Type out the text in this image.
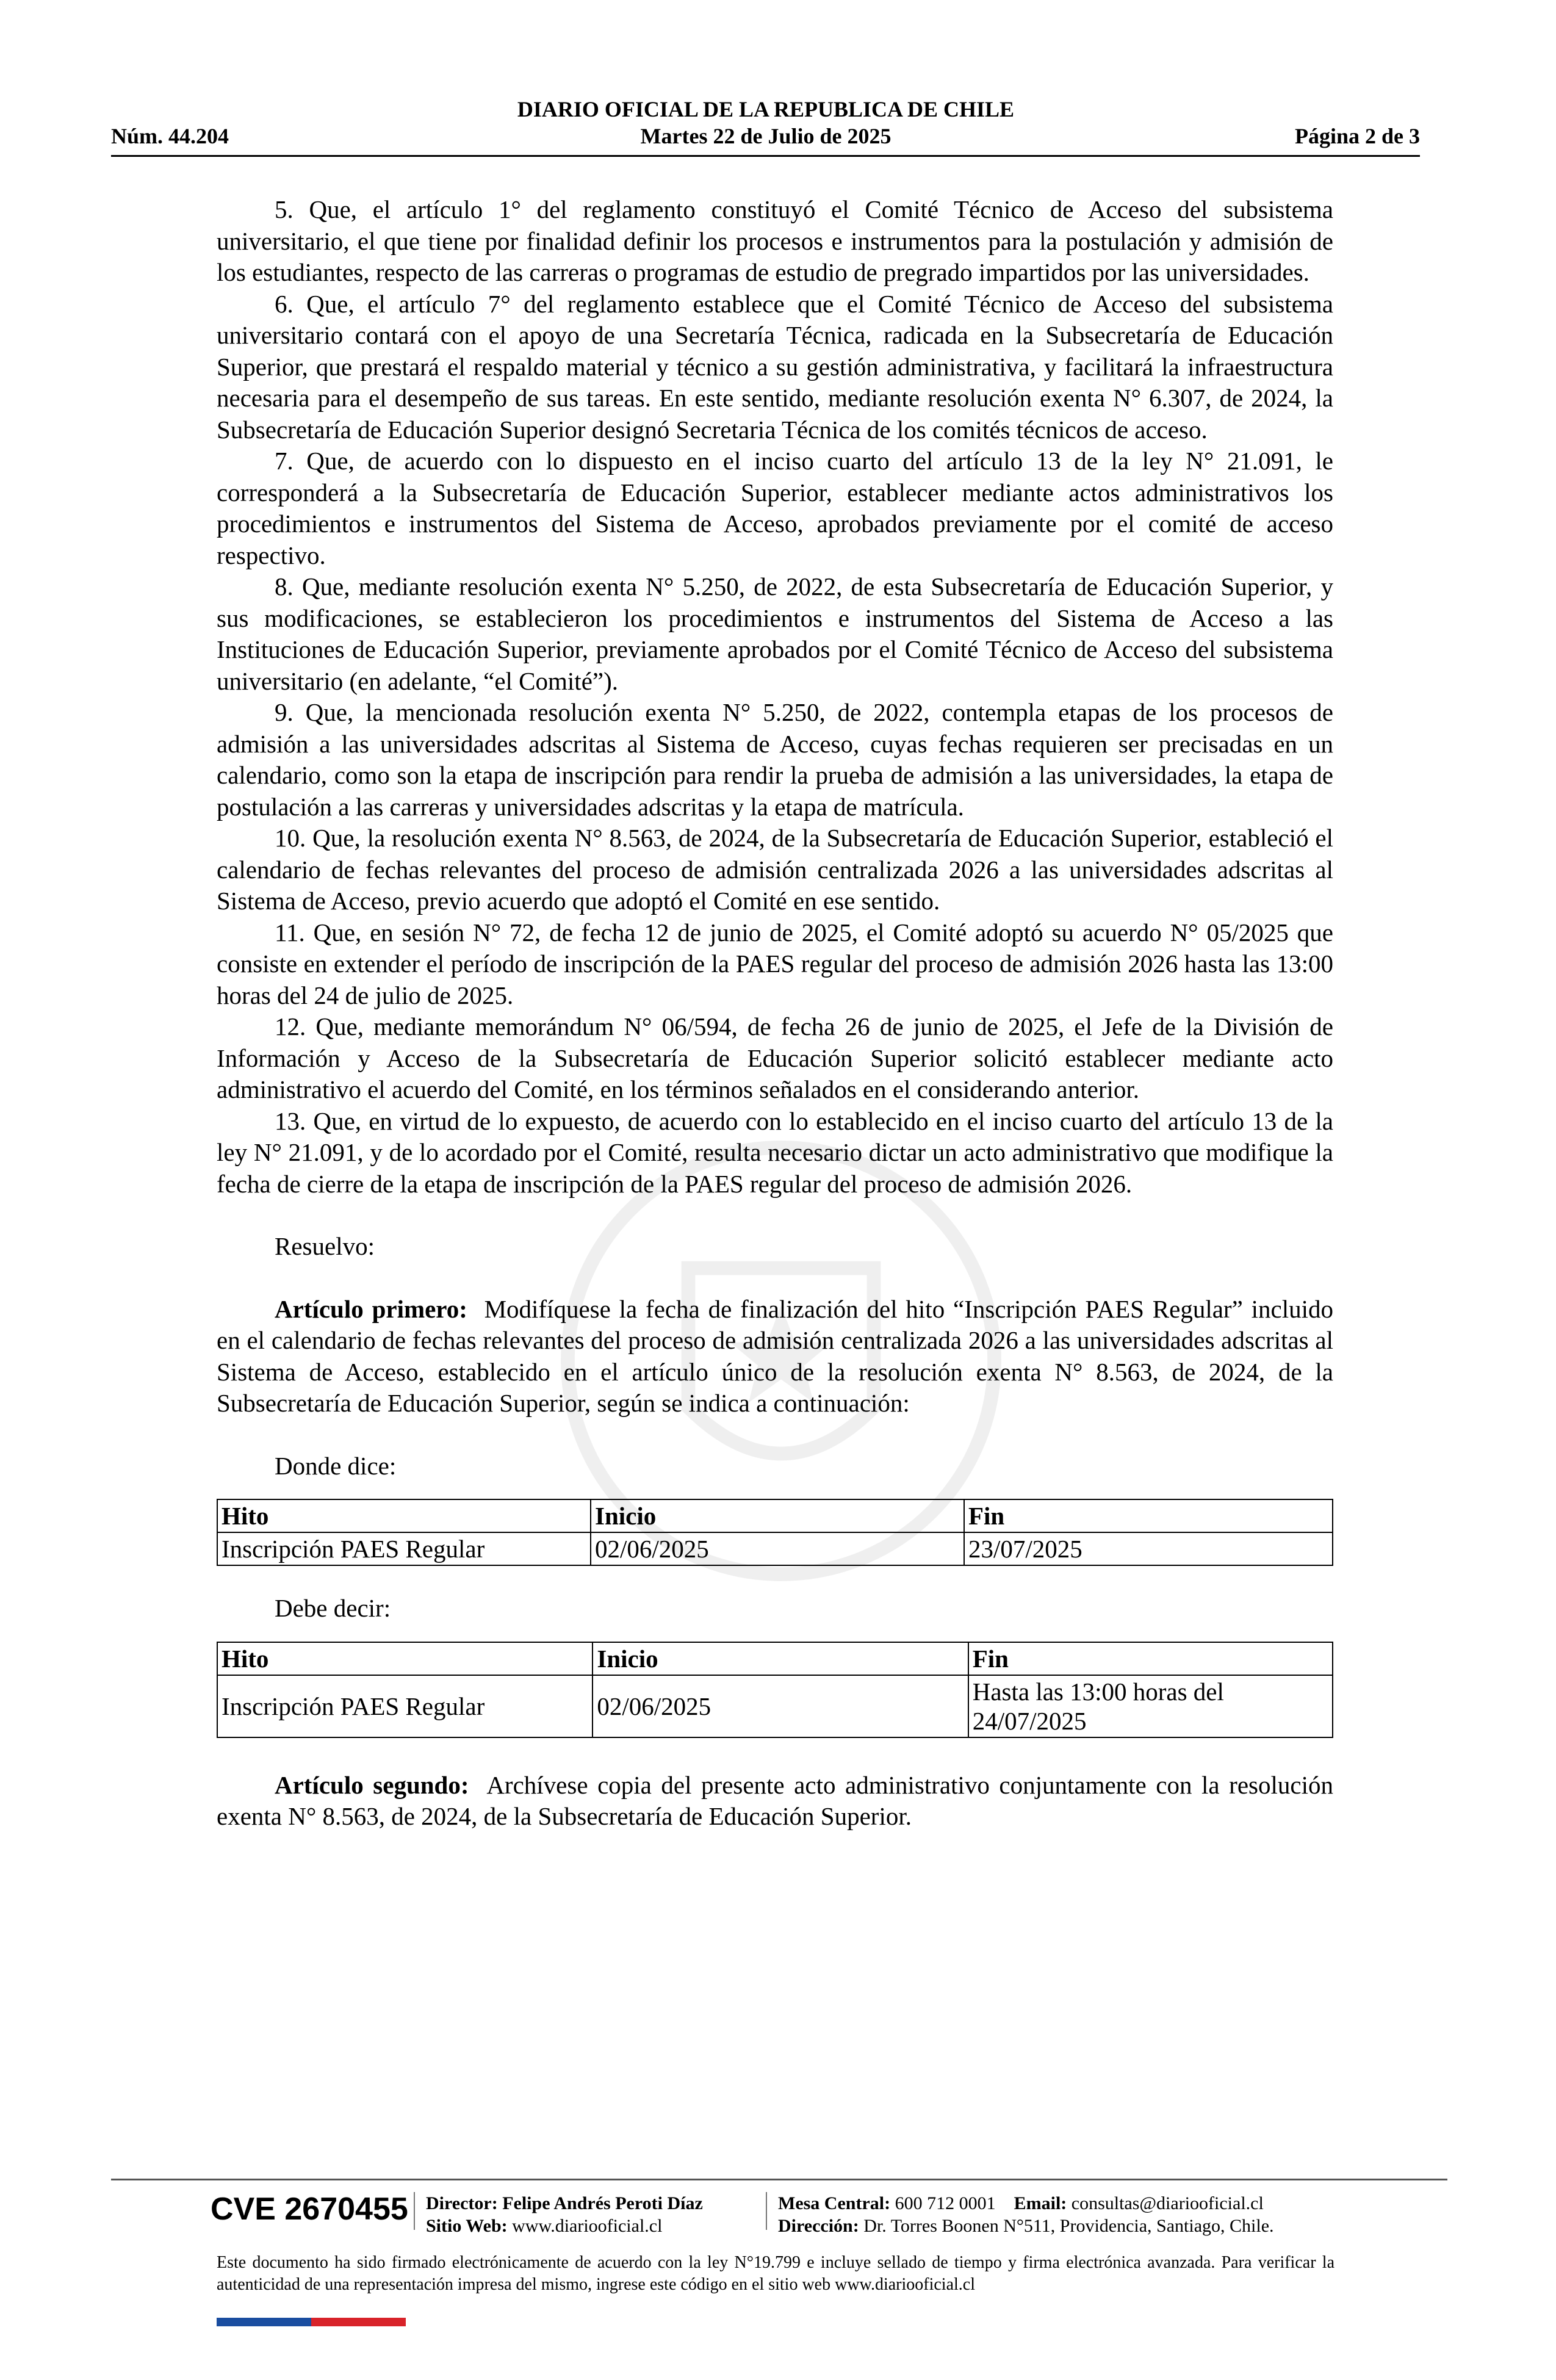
DIARIO OFICIAL DE LA REPUBLICA DE CHILE
Núm. 44.204	Martes 22 de Julio de 2025	Página 2 de 3

5. Que, el artículo 1° del reglamento constituyó el Comité Técnico de Acceso del subsistema universitario, el que tiene por finalidad definir los procesos e instrumentos para la postulación y admisión de los estudiantes, respecto de las carreras o programas de estudio de pregrado impartidos por las universidades.

6. Que, el artículo 7° del reglamento establece que el Comité Técnico de Acceso del subsistema universitario contará con el apoyo de una Secretaría Técnica, radicada en la Subsecretaría de Educación Superior, que prestará el respaldo material y técnico a su gestión administrativa, y facilitará la infraestructura necesaria para el desempeño de sus tareas. En este sentido, mediante resolución exenta N° 6.307, de 2024, la Subsecretaría de Educación Superior designó Secretaria Técnica de los comités técnicos de acceso.

7. Que, de acuerdo con lo dispuesto en el inciso cuarto del artículo 13 de la ley N° 21.091, le corresponderá a la Subsecretaría de Educación Superior, establecer mediante actos administrativos los procedimientos e instrumentos del Sistema de Acceso, aprobados previamente por el comité de acceso respectivo.

8. Que, mediante resolución exenta N° 5.250, de 2022, de esta Subsecretaría de Educación Superior, y sus modificaciones, se establecieron los procedimientos e instrumentos del Sistema de Acceso a las Instituciones de Educación Superior, previamente aprobados por el Comité Técnico de Acceso del subsistema universitario (en adelante, “el Comité”).

9. Que, la mencionada resolución exenta N° 5.250, de 2022, contempla etapas de los procesos de admisión a las universidades adscritas al Sistema de Acceso, cuyas fechas requieren ser precisadas en un calendario, como son la etapa de inscripción para rendir la prueba de admisión a las universidades, la etapa de postulación a las carreras y universidades adscritas y la etapa de matrícula.

10. Que, la resolución exenta N° 8.563, de 2024, de la Subsecretaría de Educación Superior, estableció el calendario de fechas relevantes del proceso de admisión centralizada 2026 a las universidades adscritas al Sistema de Acceso, previo acuerdo que adoptó el Comité en ese sentido.

11. Que, en sesión N° 72, de fecha 12 de junio de 2025, el Comité adoptó su acuerdo N° 05/2025 que consiste en extender el período de inscripción de la PAES regular del proceso de admisión 2026 hasta las 13:00 horas del 24 de julio de 2025.

12. Que, mediante memorándum N° 06/594, de fecha 26 de junio de 2025, el Jefe de la División de Información y Acceso de la Subsecretaría de Educación Superior solicitó establecer mediante acto administrativo el acuerdo del Comité, en los términos señalados en el considerando anterior.

13. Que, en virtud de lo expuesto, de acuerdo con lo establecido en el inciso cuarto del artículo 13 de la ley N° 21.091, y de lo acordado por el Comité, resulta necesario dictar un acto administrativo que modifique la fecha de cierre de la etapa de inscripción de la PAES regular del proceso de admisión 2026.

Resuelvo:

Artículo primero: Modifíquese la fecha de finalización del hito “Inscripción PAES Regular” incluido en el calendario de fechas relevantes del proceso de admisión centralizada 2026 a las universidades adscritas al Sistema de Acceso, establecido en el artículo único de la resolución exenta N° 8.563, de 2024, de la Subsecretaría de Educación Superior, según se indica a continuación:

Donde dice:

Hito	Inicio	Fin
Inscripción PAES Regular	02/06/2025	23/07/2025

Debe decir:

Hito	Inicio	Fin
Inscripción PAES Regular	02/06/2025	Hasta las 13:00 horas del 24/07/2025

Artículo segundo: Archívese copia del presente acto administrativo conjuntamente con la resolución exenta N° 8.563, de 2024, de la Subsecretaría de Educación Superior.

CVE 2670455 Director: Felipe Andrés Peroti Díaz
Sitio Web: www.diariooficial.cl
Mesa Central: 600 712 0001 Email: consultas@diariooficial.cl
Dirección: Dr. Torres Boonen N°511, Providencia, Santiago, Chile.
Este documento ha sido firmado electrónicamente de acuerdo con la ley N°19.799 e incluye sellado de tiempo y firma electrónica avanzada. Para verificar la autenticidad de una representación impresa del mismo, ingrese este código en el sitio web www.diariooficial.cl
